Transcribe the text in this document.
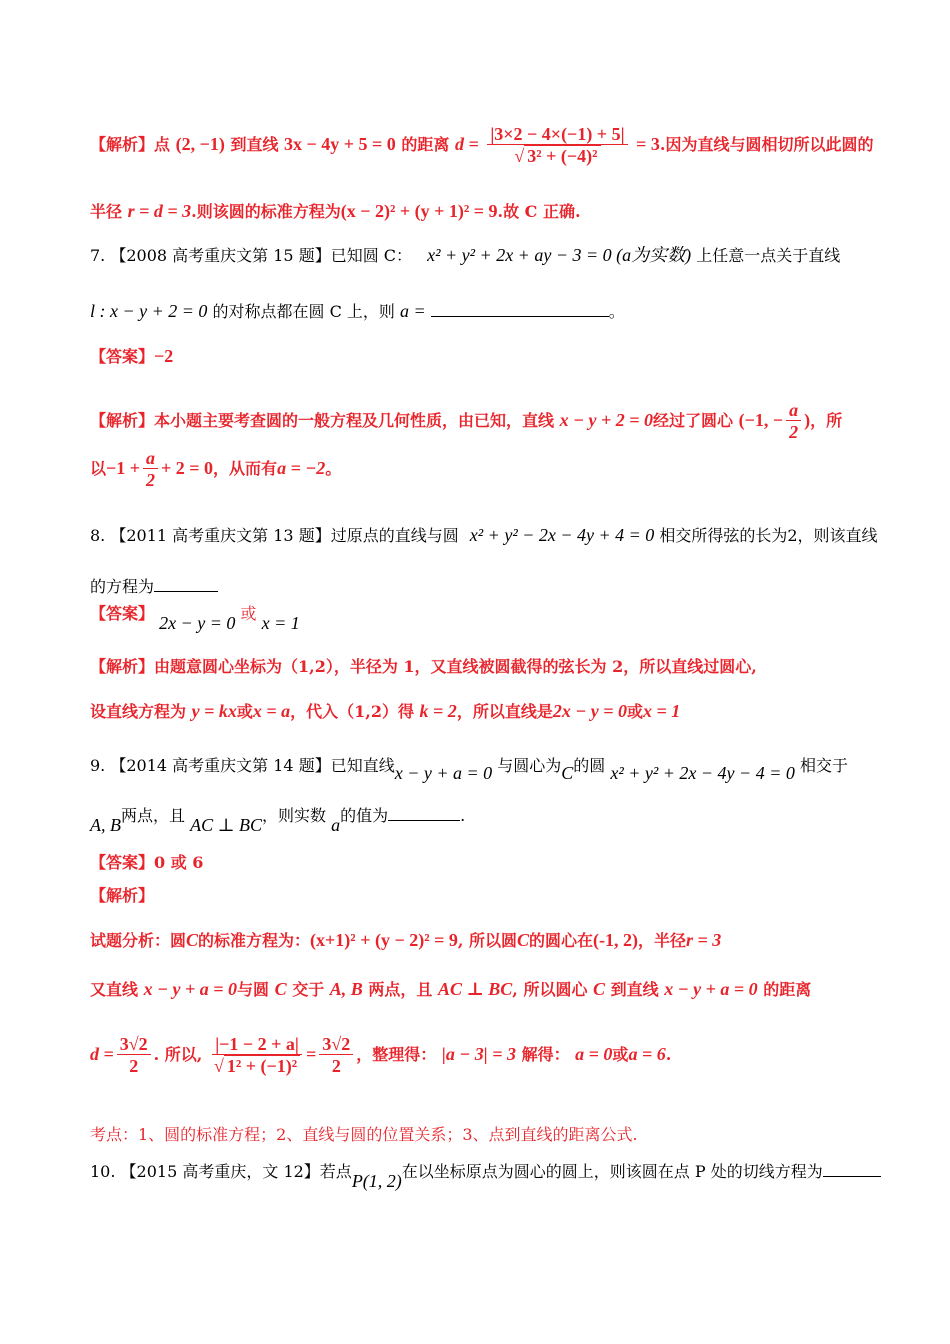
【解析】点 (2, −1) 到直线 3x − 4y + 5 = 0 的距离 $d = \frac{|3\times 2 - 4\times(-1) + 5|}{\text{√ 3² + (−4)²}} = 3$.因为直线与圆相切所以此圆的
半径 r = d = 3.则该圆的标准方程为(x − 2)² + (y + 1)² = 9.故 C 正确.
7. 【2008 高考重庆文第 15 题】已知圆 C： x² + y² + 2x + ay − 3 = 0 (a为实数) 上任意一点关于直线
l : x − y + 2 = 0 的对称点都在圆 C 上，则 a =	。
【答案】−2
【解析】本小题主要考查圆的一般方程及几何性质，由已知，直线 x − y + 2 = 0经过了圆心 (−1, − $\frac{a}{2}$ )，所
以$-1 + \frac{a}{2} + 2 = 0$，从而有a = −2。
8. 【2011 高考重庆文第 13 题】过原点的直线与圆 x² + y² − 2x − 4y + 4 = 0 相交所得弦的长为2，则该直线
的方程为
【答案】 2x − y = 0 或 x = 1
【解析】由题意圆心坐标为（1,2），半径为 1，又直线被圆截得的弦长为 2，所以直线过圆心,
设直线方程为 y = kx或x = a，代入（1,2）得 k = 2，所以直线是2x − y = 0或x = 1
9. 【2014 高考重庆文第 14 题】已知直线x − y + a = 0 与圆心为C的圆 x² + y² + 2x − 4y − 4 = 0 相交于
A, B两点，且 AC ⊥ BC，则实数 a的值为	.
【答案】0 或 6
【解析】
试题分析：圆C的标准方程为：(x+1)² + (y − 2)² = 9, 所以圆C的圆心在(-1, 2)，半径r = 3
又直线 x − y + a = 0与圆 C 交于 A, B 两点，且 AC ⊥ BC, 所以圆心 C 到直线 x − y + a = 0 的距离
$d = \frac{3√2}{2}$ . 所以, $\frac{|-1 - 2 + a|}{\text{√ 1² + (−1)²}} = \frac{3√2}{2}$ ，整理得： |a − 3| = 3 解得： a = 0或a = 6.
考点：1、圆的标准方程；2、直线与圆的位置关系；3、点到直线的距离公式.
10. 【2015 高考重庆，文 12】若点P(1, 2)在以坐标原点为圆心的圆上，则该圆在点 P 处的切线方程为
